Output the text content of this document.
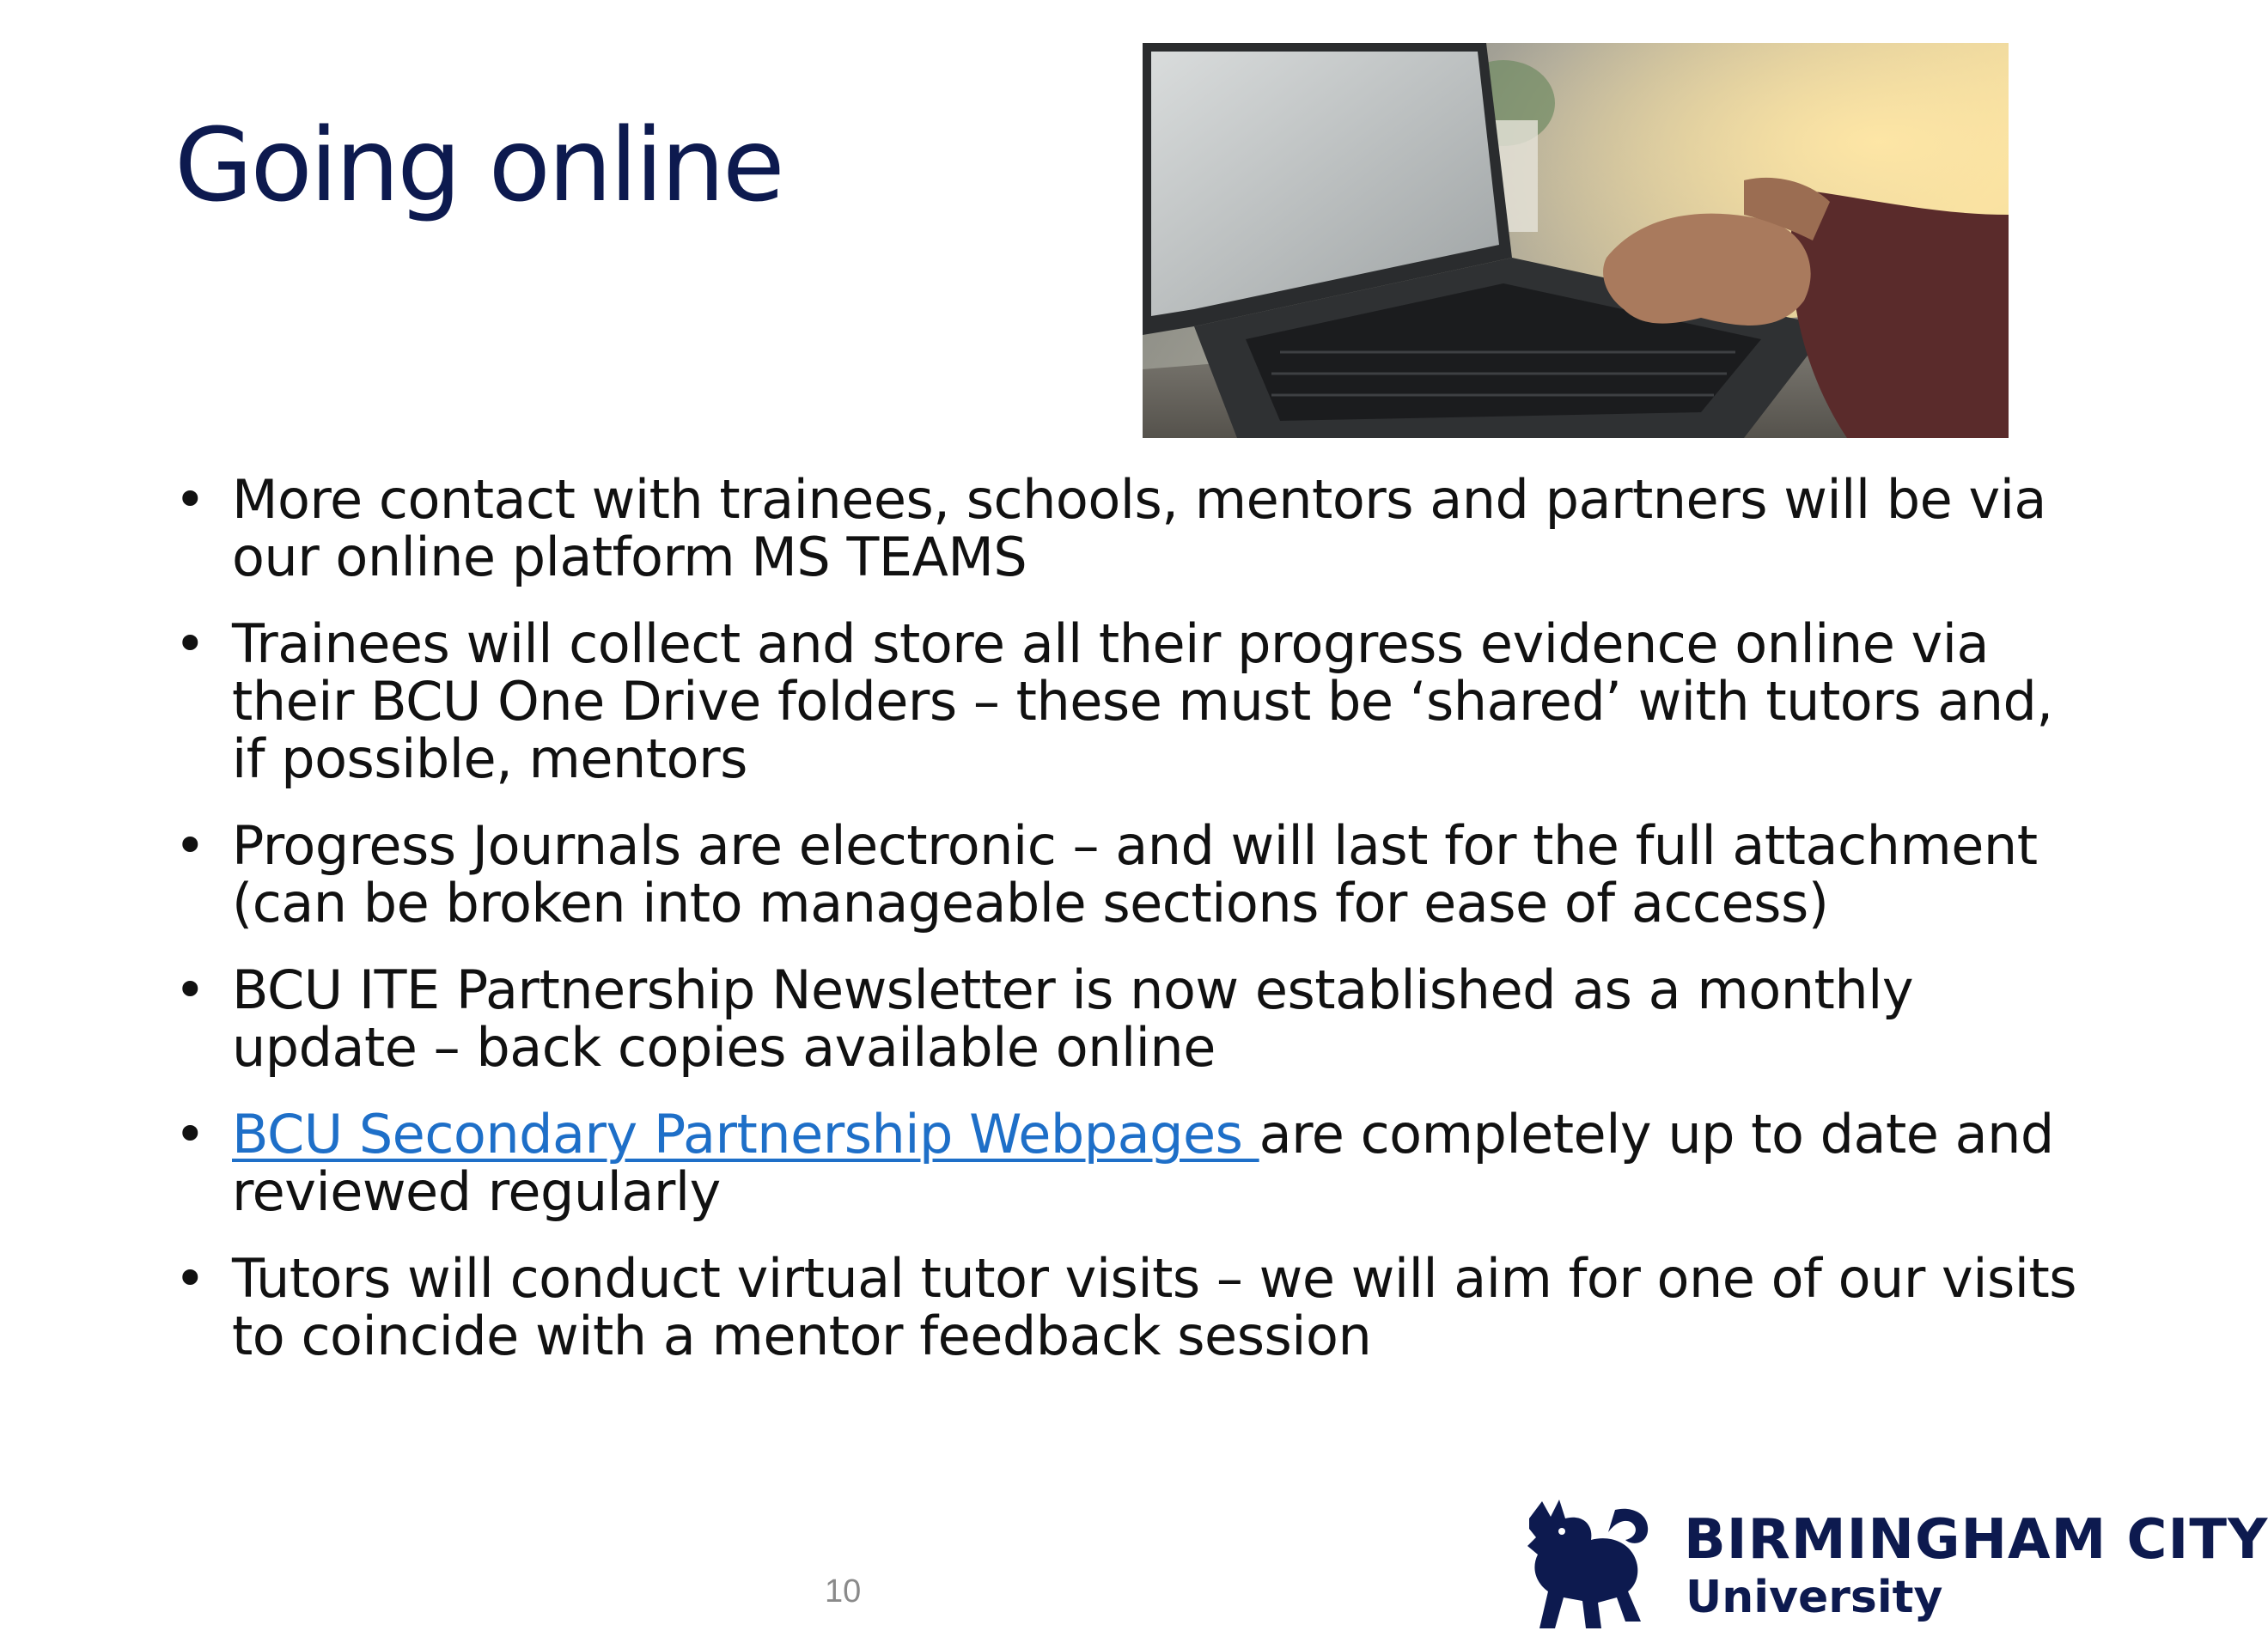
Going online
• More contact with trainees, schools, mentors and partners will be via our online platform MS TEAMS
• Trainees will collect and store all their progress evidence online via their BCU One Drive folders – these must be ‘shared’ with tutors and, if possible, mentors
• Progress Journals are electronic – and will last for the full attachment (can be broken into manageable sections for ease of access)
• BCU ITE Partnership Newsletter is now established as a monthly update – back copies available online
• BCU Secondary Partnership Webpages are completely up to date and reviewed regularly
• Tutors will conduct virtual tutor visits – we will aim for one of our visits to coincide with a mentor feedback session
10
BIRMINGHAM CITY
University
